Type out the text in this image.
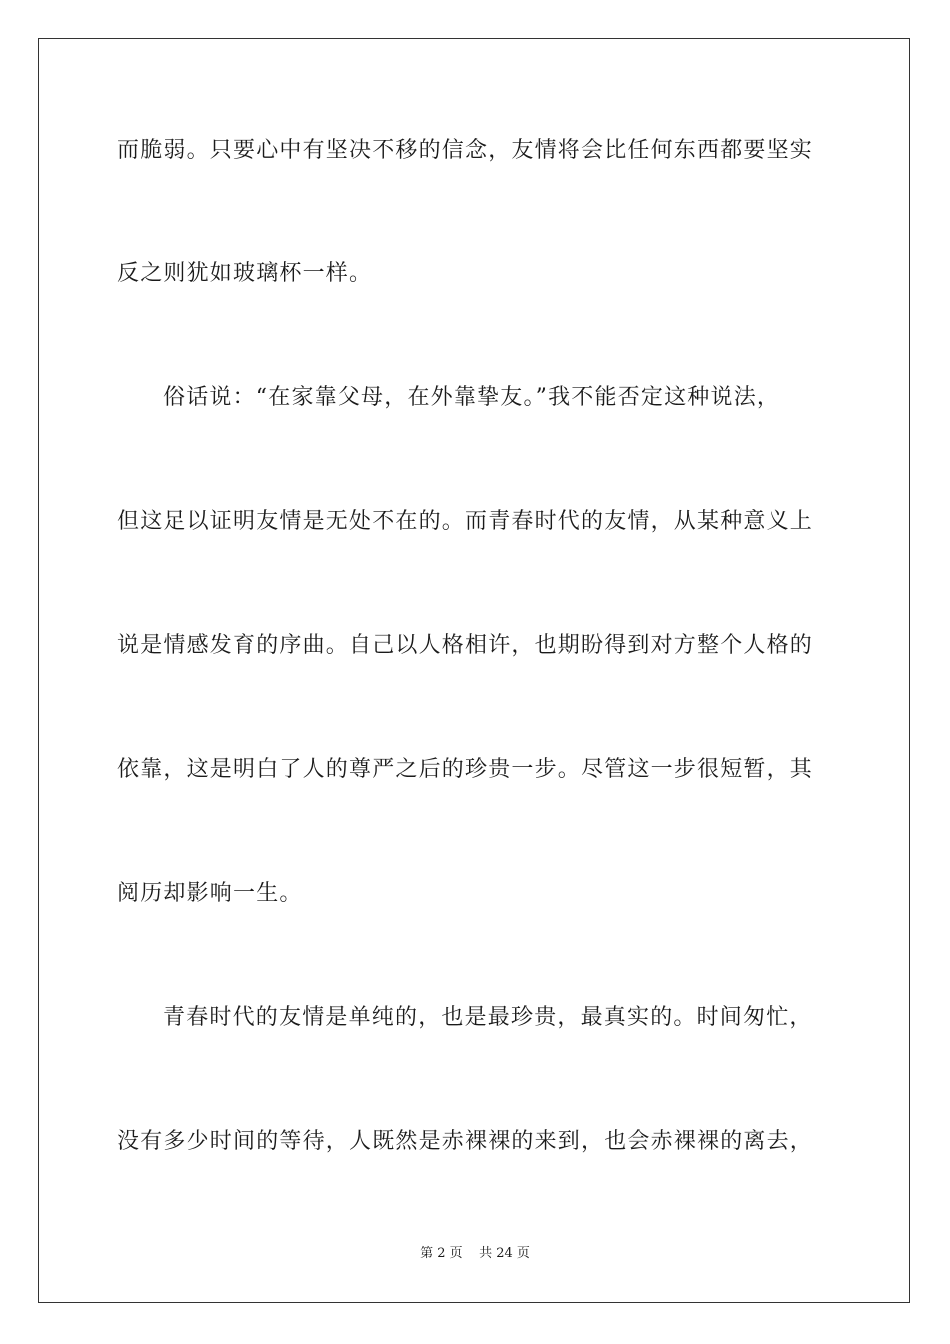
而脆弱。只要心中有坚决不移的信念，友情将会比任何东西都要坚实
反之则犹如玻璃杯一样。
俗话说：“在家靠父母，在外靠挚友。”我不能否定这种说法，
但这足以证明友情是无处不在的。而青春时代的友情，从某种意义上
说是情感发育的序曲。自己以人格相许，也期盼得到对方整个人格的
依靠，这是明白了人的尊严之后的珍贵一步。尽管这一步很短暂，其
阅历却影响一生。
青春时代的友情是单纯的，也是最珍贵，最真实的。时间匆忙，
没有多少时间的等待，人既然是赤裸裸的来到，也会赤裸裸的离去，
第 2 页    共 24 页
